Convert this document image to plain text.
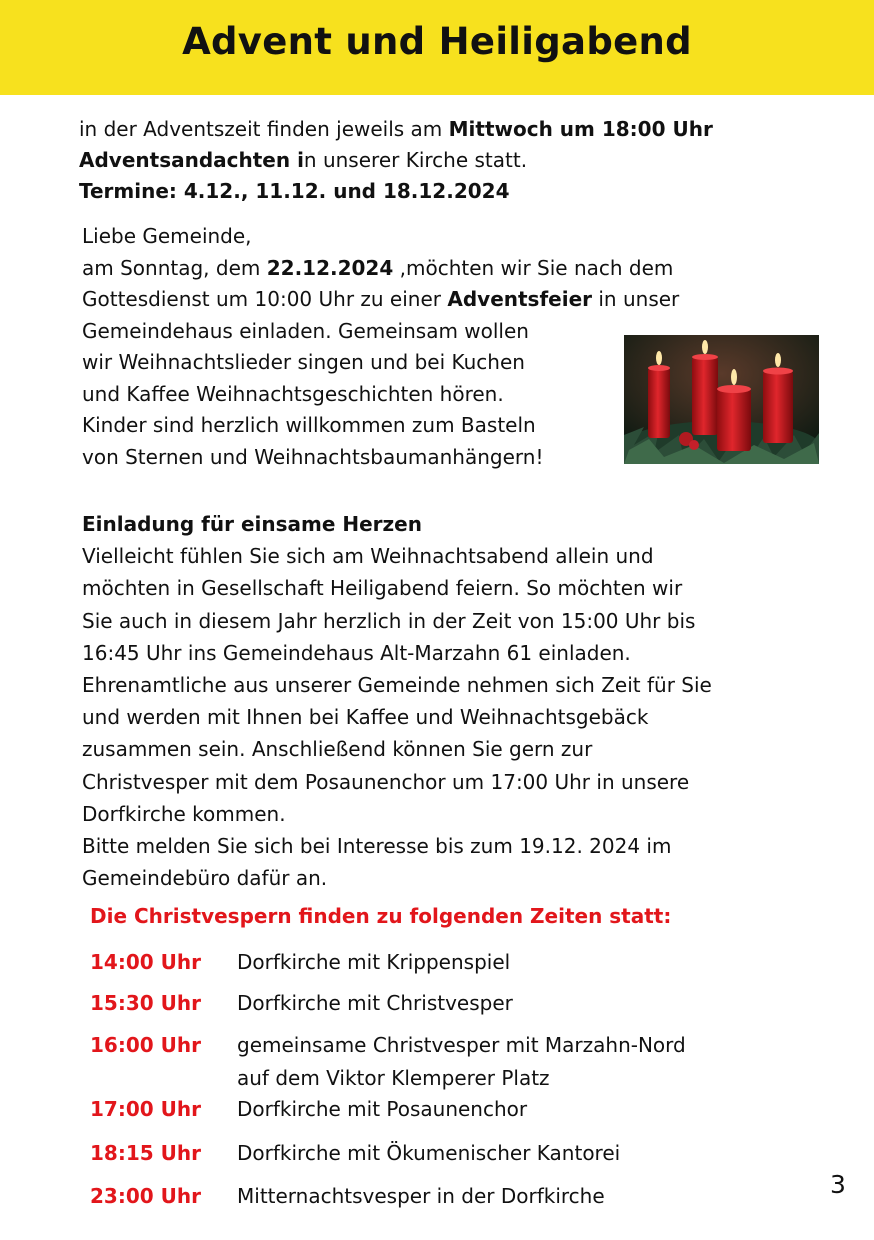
Advent und Heiligabend
in der Adventszeit finden jeweils am Mittwoch um 18:00 Uhr
Adventsandachten in unserer Kirche statt.
Termine: 4.12., 11.12. und 18.12.2024
Liebe Gemeinde,
am Sonntag, dem 22.12.2024 ,möchten wir Sie nach dem
Gottesdienst um 10:00 Uhr zu einer Adventsfeier in unser
Gemeindehaus einladen. Gemeinsam wollen
wir Weihnachtslieder singen und bei Kuchen
und Kaffee Weihnachtsgeschichten hören.
Kinder sind herzlich willkommen zum Basteln
von Sternen und Weihnachtsbaumanhängern!
Einladung für einsame Herzen
Vielleicht fühlen Sie sich am Weihnachtsabend allein und
möchten in Gesellschaft Heiligabend feiern. So möchten wir
Sie auch in diesem Jahr herzlich in der Zeit von 15:00 Uhr bis
16:45 Uhr ins Gemeindehaus Alt-Marzahn 61 einladen.
Ehrenamtliche aus unserer Gemeinde nehmen sich Zeit für Sie
und werden mit Ihnen bei Kaffee und Weihnachtsgebäck
zusammen sein. Anschließend können Sie gern zur
Christvesper mit dem Posaunenchor um 17:00 Uhr in unsere
Dorfkirche kommen.
Bitte melden Sie sich bei Interesse bis zum 19.12. 2024 im
Gemeindebüro dafür an.

Die Christvespern finden zu folgenden Zeiten statt:

14:00 Uhr	Dorfkirche mit Krippenspiel
15:30 Uhr	Dorfkirche mit Christvesper
16:00 Uhr	gemeinsame Christvesper mit Marzahn-Nord
auf dem Viktor Klemperer Platz
17:00 Uhr	Dorfkirche mit Posaunenchor
18:15 Uhr	Dorfkirche mit Ökumenischer Kantorei
23:00 Uhr	Mitternachtsvesper in der Dorfkirche	3
